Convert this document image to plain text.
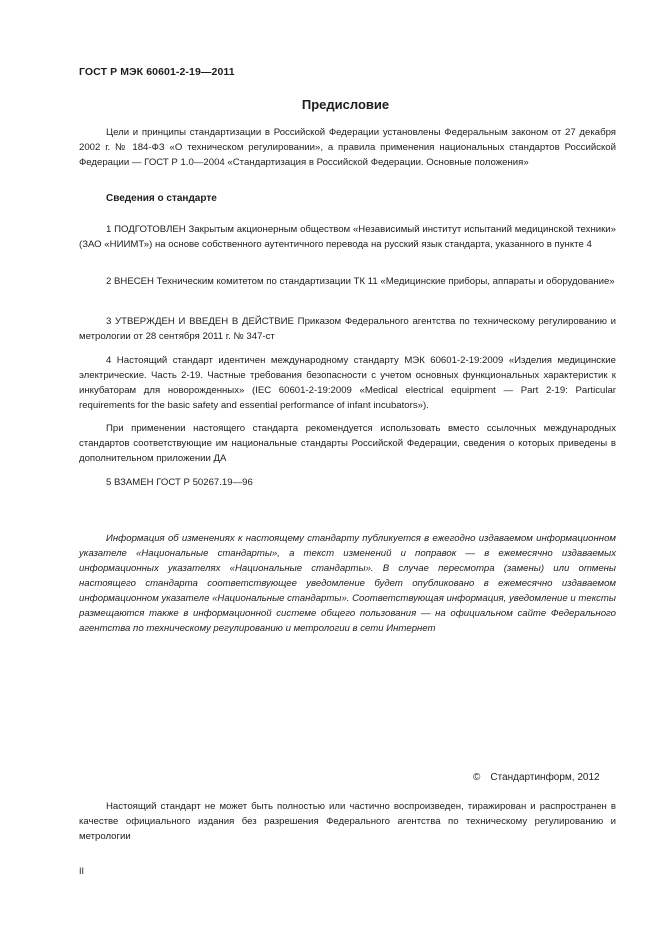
ГОСТ Р МЭК 60601-2-19—2011
Предисловие

Цели и принципы стандартизации в Российской Федерации установлены Федеральным законом от 27 декабря 2002 г. № 184-ФЗ «О техническом регулировании», а правила применения национальных стандартов Российской Федерации — ГОСТ Р 1.0—2004 «Стандартизация в Российской Федерации. Основные положения»

Сведения о стандарте

1 ПОДГОТОВЛЕН Закрытым акционерным обществом «Независимый институт испытаний медицинской техники» (ЗАО «НИИМТ») на основе собственного аутентичного перевода на русский язык стандарта, указанного в пункте 4

2 ВНЕСЕН Техническим комитетом по стандартизации ТК 11 «Медицинские приборы, аппараты и оборудование»

3 УТВЕРЖДЕН И ВВЕДЕН В ДЕЙСТВИЕ Приказом Федерального агентства по техническому регулированию и метрологии от 28 сентября 2011 г. № 347-ст

4 Настоящий стандарт идентичен международному стандарту МЭК 60601-2-19:2009 «Изделия медицинские электрические. Часть 2-19. Частные требования безопасности с учетом основных функциональных характеристик к инкубаторам для новорожденных» (IEC 60601-2-19:2009 «Medical electrical equipment — Part 2-19: Particular requirements for the basic safety and essential performance of infant incubators»).

При применении настоящего стандарта рекомендуется использовать вместо ссылочных международных стандартов соответствующие им национальные стандарты Российской Федерации, сведения о которых приведены в дополнительном приложении ДА

5 ВЗАМЕН ГОСТ Р 50267.19—96

Информация об изменениях к настоящему стандарту публикуется в ежегодно издаваемом информационном указателе «Национальные стандарты», а текст изменений и поправок — в ежемесячно издаваемых информационных указателях «Национальные стандарты». В случае пересмотра (замены) или отмены настоящего стандарта соответствующее уведомление будет опубликовано в ежемесячно издаваемом информационном указателе «Национальные стандарты». Соответствующая информация, уведомление и тексты размещаются также в информационной системе общего пользования — на официальном сайте Федерального агентства по техническому регулированию и метрологии в сети Интернет

© Стандартинформ, 2012

Настоящий стандарт не может быть полностью или частично воспроизведен, тиражирован и распространен в качестве официального издания без разрешения Федерального агентства по техническому регулированию и метрологии

II
